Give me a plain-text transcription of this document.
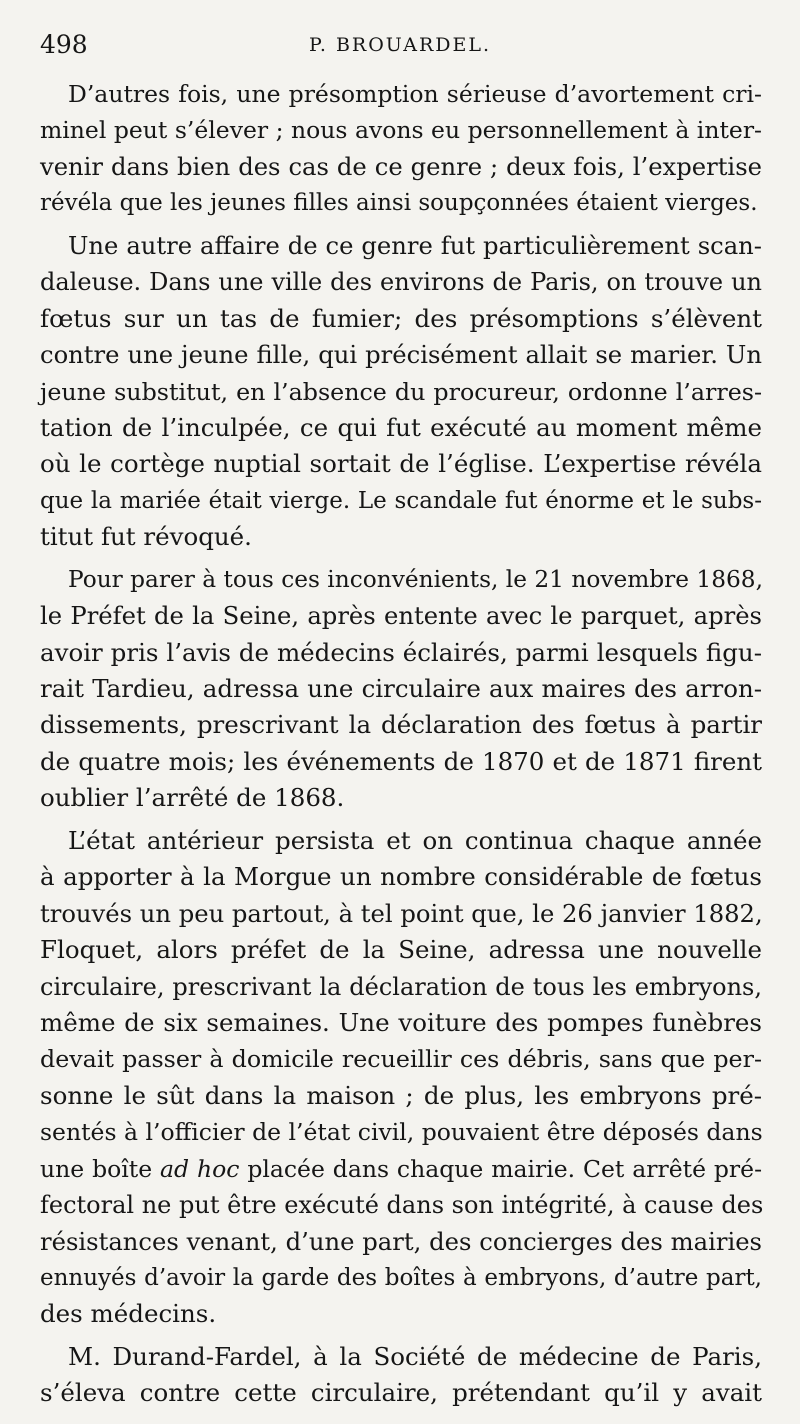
498	P. BROUARDEL.
D’autres fois, une présomption sérieuse d’avortement cri-
minel peut s’élever ; nous avons eu personnellement à inter-
venir dans bien des cas de ce genre ; deux fois, l’expertise
révéla que les jeunes filles ainsi soupçonnées étaient vierges.
Une autre affaire de ce genre fut particulièrement scan-
daleuse. Dans une ville des environs de Paris, on trouve un
fœtus sur un tas de fumier; des présomptions s’élèvent
contre une jeune fille, qui précisément allait se marier. Un
jeune substitut, en l’absence du procureur, ordonne l’arres-
tation de l’inculpée, ce qui fut exécuté au moment même
où le cortège nuptial sortait de l’église. L’expertise révéla
que la mariée était vierge. Le scandale fut énorme et le subs-
titut fut révoqué.
Pour parer à tous ces inconvénients, le 21 novembre 1868,
le Préfet de la Seine, après entente avec le parquet, après
avoir pris l’avis de médecins éclairés, parmi lesquels figu-
rait Tardieu, adressa une circulaire aux maires des arron-
dissements, prescrivant la déclaration des fœtus à partir
de quatre mois; les événements de 1870 et de 1871 firent
oublier l’arrêté de 1868.
L’état antérieur persista et on continua chaque année
à apporter à la Morgue un nombre considérable de fœtus
trouvés un peu partout, à tel point que, le 26 janvier 1882,
Floquet, alors préfet de la Seine, adressa une nouvelle
circulaire, prescrivant la déclaration de tous les embryons,
même de six semaines. Une voiture des pompes funèbres
devait passer à domicile recueillir ces débris, sans que per-
sonne le sût dans la maison ; de plus, les embryons pré-
sentés à l’officier de l’état civil, pouvaient être déposés dans
une boîte ad hoc placée dans chaque mairie. Cet arrêté pré-
fectoral ne put être exécuté dans son intégrité, à cause des
résistances venant, d’une part, des concierges des mairies
ennuyés d’avoir la garde des boîtes à embryons, d’autre part,
des médecins.
M. Durand-Fardel, à la Société de médecine de Paris,
s’éleva contre cette circulaire, prétendant qu’il y avait
